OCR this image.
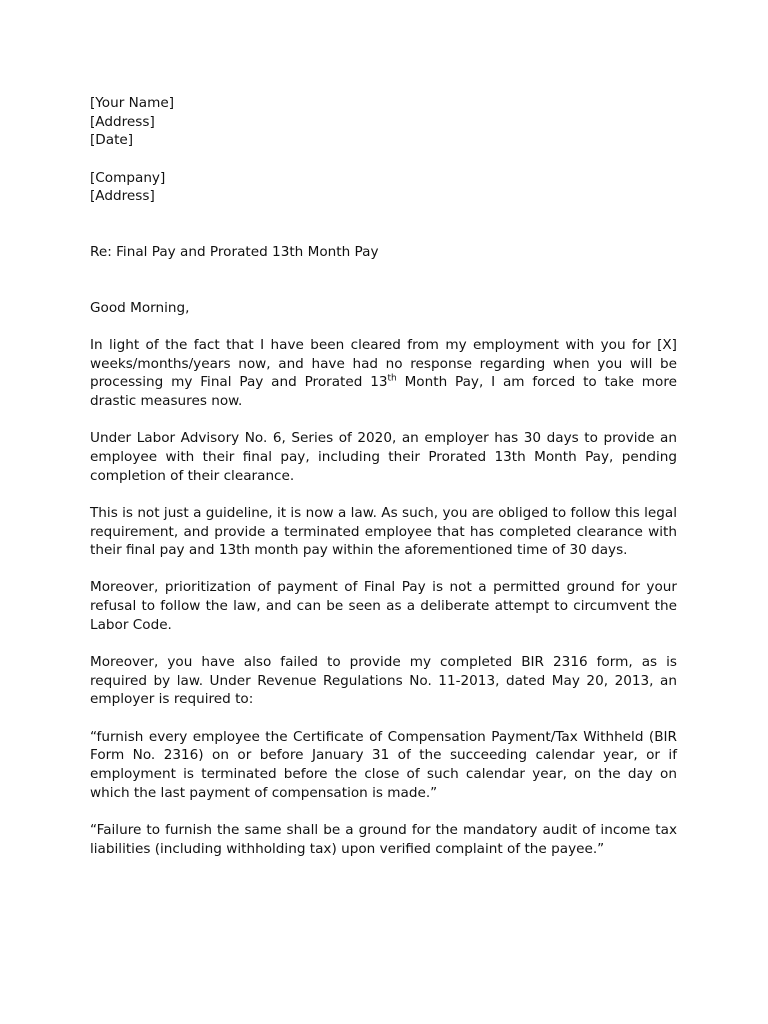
[Your Name]
[Address]
[Date]
[Company]
[Address]
Re: Final Pay and Prorated 13th Month Pay
Good Morning,

In light of the fact that I have been cleared from my employment with you for [X] weeks/months/years now, and have had no response regarding when you will be processing my Final Pay and Prorated 13th Month Pay, I am forced to take more drastic measures now.

Under Labor Advisory No. 6, Series of 2020, an employer has 30 days to provide an employee with their final pay, including their Prorated 13th Month Pay, pending completion of their clearance.

This is not just a guideline, it is now a law. As such, you are obliged to follow this legal requirement, and provide a terminated employee that has completed clearance with their final pay and 13th month pay within the aforementioned time of 30 days.

Moreover, prioritization of payment of Final Pay is not a permitted ground for your refusal to follow the law, and can be seen as a deliberate attempt to circumvent the Labor Code.

Moreover, you have also failed to provide my completed BIR 2316 form, as is required by law. Under Revenue Regulations No. 11-2013, dated May 20, 2013, an employer is required to:

“furnish every employee the Certificate of Compensation Payment/Tax Withheld (BIR Form No. 2316) on or before January 31 of the succeeding calendar year, or if employment is terminated before the close of such calendar year, on the day on which the last payment of compensation is made.”

“Failure to furnish the same shall be a ground for the mandatory audit of income tax liabilities (including withholding tax) upon verified complaint of the payee.”
